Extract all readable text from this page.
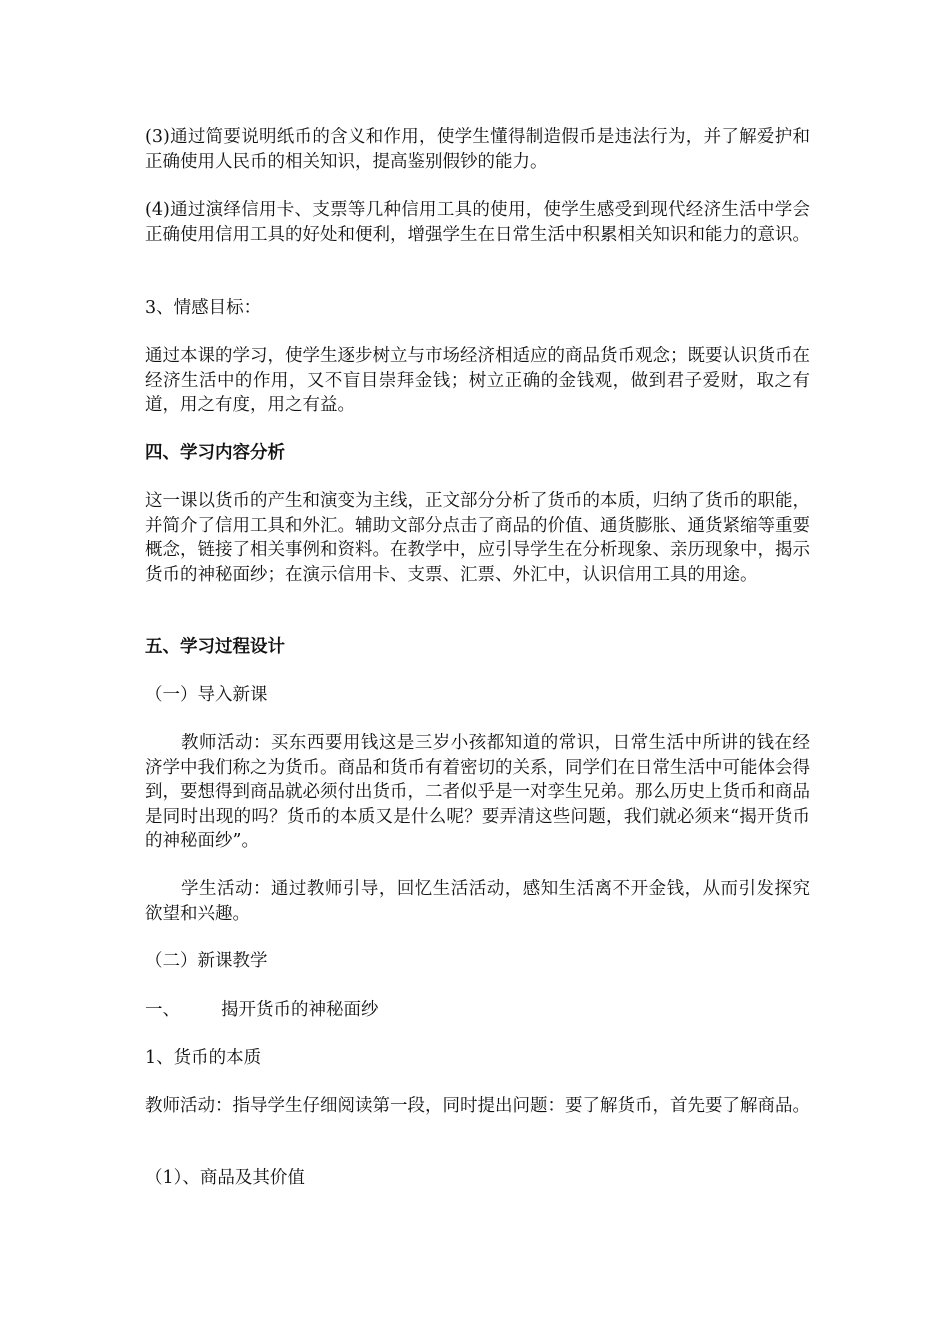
(3)通过简要说明纸币的含义和作用，使学生懂得制造假币是违法行为，并了解爱护和正确使用人民币的相关知识，提高鉴别假钞的能力。

(4)通过演绎信用卡、支票等几种信用工具的使用，使学生感受到现代经济生活中学会正确使用信用工具的好处和便利，增强学生在日常生活中积累相关知识和能力的意识。

3、情感目标：

通过本课的学习，使学生逐步树立与市场经济相适应的商品货币观念；既要认识货币在经济生活中的作用，又不盲目崇拜金钱；树立正确的金钱观，做到君子爱财，取之有道，用之有度，用之有益。

四、学习内容分析

这一课以货币的产生和演变为主线，正文部分分析了货币的本质，归纳了货币的职能，并简介了信用工具和外汇。辅助文部分点击了商品的价值、通货膨胀、通货紧缩等重要概念，链接了相关事例和资料。在教学中，应引导学生在分析现象、亲历现象中，揭示货币的神秘面纱；在演示信用卡、支票、汇票、外汇中，认识信用工具的用途。

五、学习过程设计

（一）导入新课

教师活动：买东西要用钱这是三岁小孩都知道的常识，日常生活中所讲的钱在经济学中我们称之为货币。商品和货币有着密切的关系，同学们在日常生活中可能体会得到，要想得到商品就必须付出货币，二者似乎是一对孪生兄弟。那么历史上货币和商品是同时出现的吗？货币的本质又是什么呢？要弄清这些问题，我们就必须来“揭开货币的神秘面纱”。

学生活动：通过教师引导，回忆生活活动，感知生活离不开金钱，从而引发探究欲望和兴趣。

（二）新课教学

一、 揭开货币的神秘面纱

1、货币的本质

教师活动：指导学生仔细阅读第一段，同时提出问题：要了解货币，首先要了解商品。

（1）、商品及其价值
